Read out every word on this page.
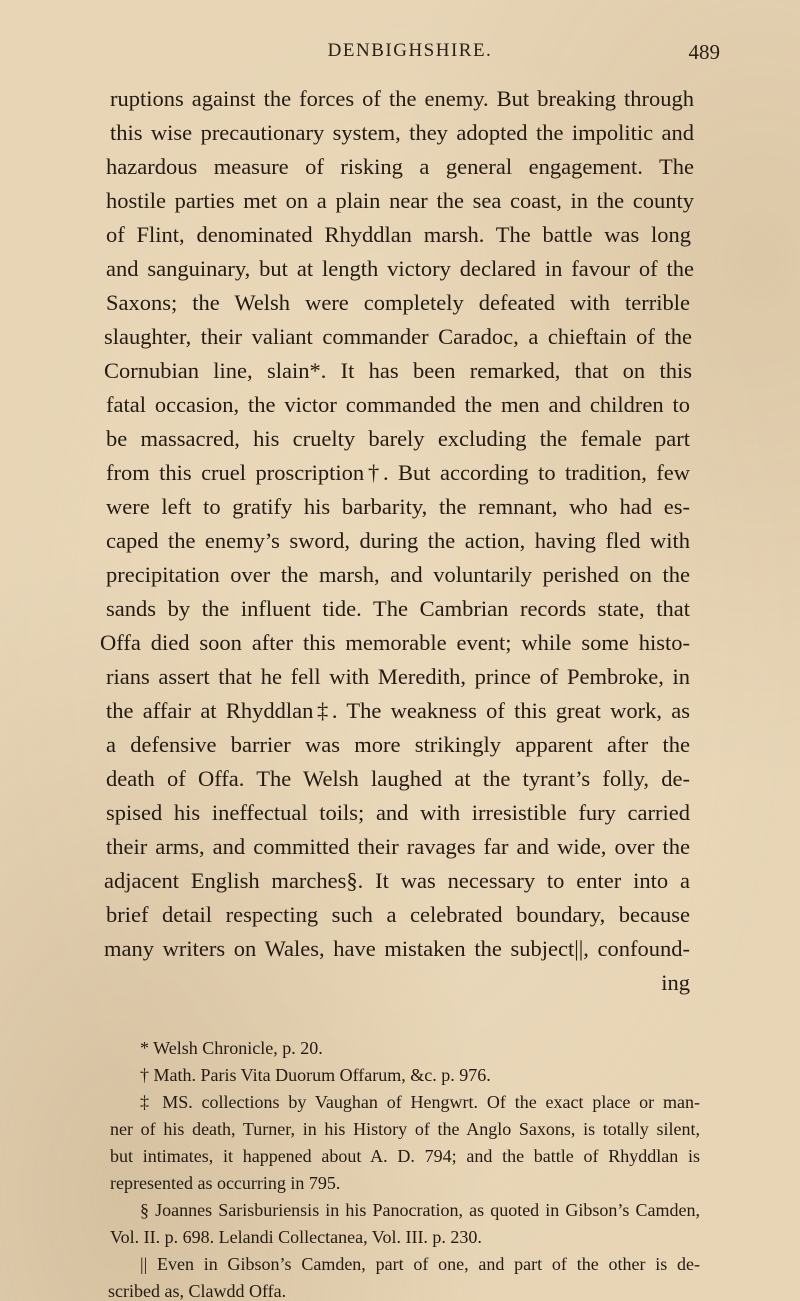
DENBIGHSHIRE.	489
ruptions against the forces of the enemy. But breaking through
this wise precautionary system, they adopted the impolitic and
hazardous measure of risking a general engagement. The
hostile parties met on a plain near the sea coast, in the county
of Flint, denominated Rhyddlan marsh. The battle was long
and sanguinary, but at length victory declared in favour of the
Saxons; the Welsh were completely defeated with terrible
slaughter, their valiant commander Caradoc, a chieftain of the
Cornubian line, slain*. It has been remarked, that on this
fatal occasion, the victor commanded the men and children to
be massacred, his cruelty barely excluding the female part
from this cruel proscription†. But according to tradition, few
were left to gratify his barbarity, the remnant, who had es-
caped the enemy’s sword, during the action, having fled with
precipitation over the marsh, and voluntarily perished on the
sands by the influent tide. The Cambrian records state, that
Offa died soon after this memorable event; while some histo-
rians assert that he fell with Meredith, prince of Pembroke, in
the affair at Rhyddlan‡. The weakness of this great work, as
a defensive barrier was more strikingly apparent after the
death of Offa. The Welsh laughed at the tyrant’s folly, de-
spised his ineffectual toils; and with irresistible fury carried
their arms, and committed their ravages far and wide, over the
adjacent English marches§. It was necessary to enter into a
brief detail respecting such a celebrated boundary, because
many writers on Wales, have mistaken the subject||, confound-
ing
* Welsh Chronicle, p. 20.
† Math. Paris Vita Duorum Offarum, &c. p. 976.
‡ MS. collections by Vaughan of Hengwrt. Of the exact place or man-
ner of his death, Turner, in his History of the Anglo Saxons, is totally silent,
but intimates, it happened about A. D. 794; and the battle of Rhyddlan is
represented as occurring in 795.
§ Joannes Sarisburiensis in his Panocration, as quoted in Gibson’s Camden,
Vol. II. p. 698. Lelandi Collectanea, Vol. III. p. 230.
|| Even in Gibson’s Camden, part of one, and part of the other is de-
scribed as, Clawdd Offa.
